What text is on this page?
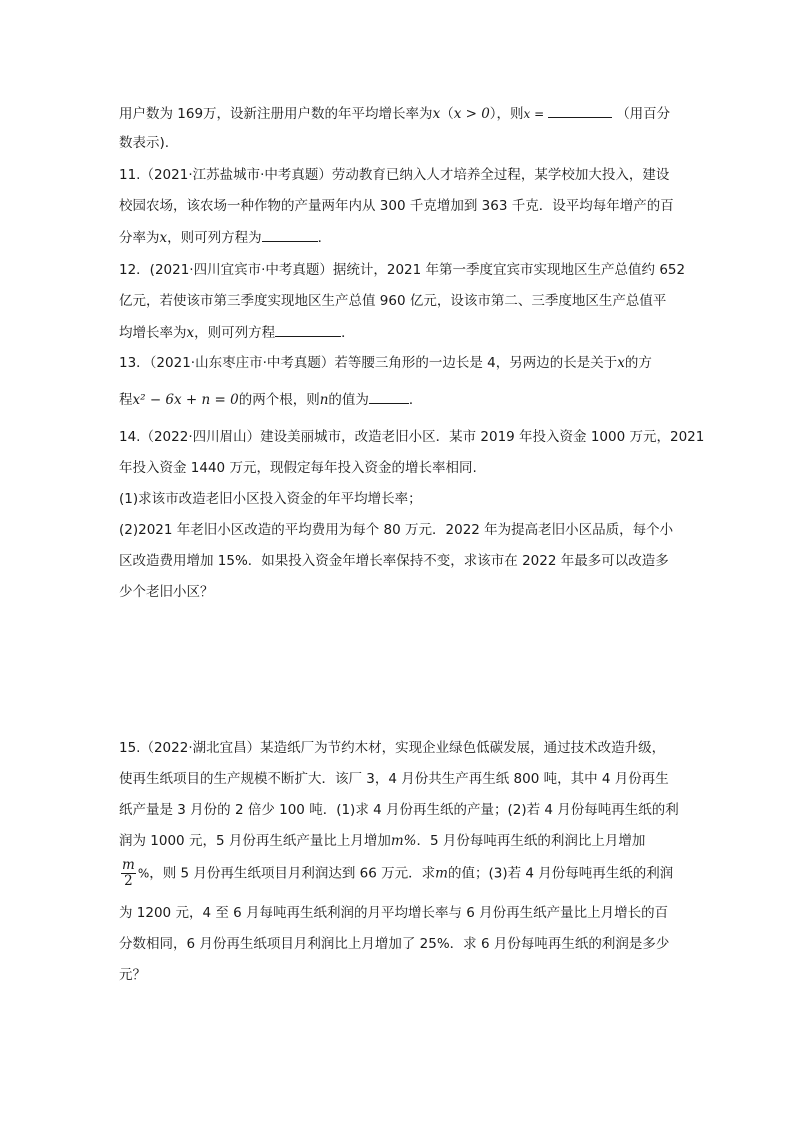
用户数为 169万，设新注册用户数的年平均增长率为x（x > 0），则x =	（用百分
数表示).
11.（2021·江苏盐城市·中考真题）劳动教育已纳入人才培养全过程，某学校加大投入，建设
校园农场，该农场一种作物的产量两年内从 300 千克增加到 363 千克．设平均每年增产的百
分率为x，则可列方程为	．
12．(2021·四川宜宾市·中考真题）据统计，2021 年第一季度宜宾市实现地区生产总值约 652
亿元，若使该市第三季度实现地区生产总值 960 亿元，设该市第二、三季度地区生产总值平
均增长率为x，则可列方程	．
13．（2021·山东枣庄市·中考真题）若等腰三角形的一边长是 4，另两边的长是关于x的方
程x² − 6x + n = 0的两个根，则n的值为	．
14.（2022·四川眉山）建设美丽城市，改造老旧小区．某市 2019 年投入资金 1000 万元，2021
年投入资金 1440 万元，现假定每年投入资金的增长率相同.
(1)求该市改造老旧小区投入资金的年平均增长率；
(2)2021 年老旧小区改造的平均费用为每个 80 万元．2022 年为提高老旧小区品质，每个小
区改造费用增加 15%．如果投入资金年增长率保持不变，求该市在 2022 年最多可以改造多
少个老旧小区？
15.（2022·湖北宜昌）某造纸厂为节约木材，实现企业绿色低碳发展，通过技术改造升级，
使再生纸项目的生产规模不断扩大．该厂 3，4 月份共生产再生纸 800 吨，其中 4 月份再生
纸产量是 3 月份的 2 倍少 100 吨．(1)求 4 月份再生纸的产量；(2)若 4 月份每吨再生纸的利
润为 1000 元，5 月份再生纸产量比上月增加m%．5 月份每吨再生纸的利润比上月增加
$\frac{m}{2}$ %，则 5 月份再生纸项目月利润达到 66 万元．求m的值；(3)若 4 月份每吨再生纸的利润
为 1200 元，4 至 6 月每吨再生纸利润的月平均增长率与 6 月份再生纸产量比上月增长的百
分数相同，6 月份再生纸项目月利润比上月增加了 25%．求 6 月份每吨再生纸的利润是多少
元？
